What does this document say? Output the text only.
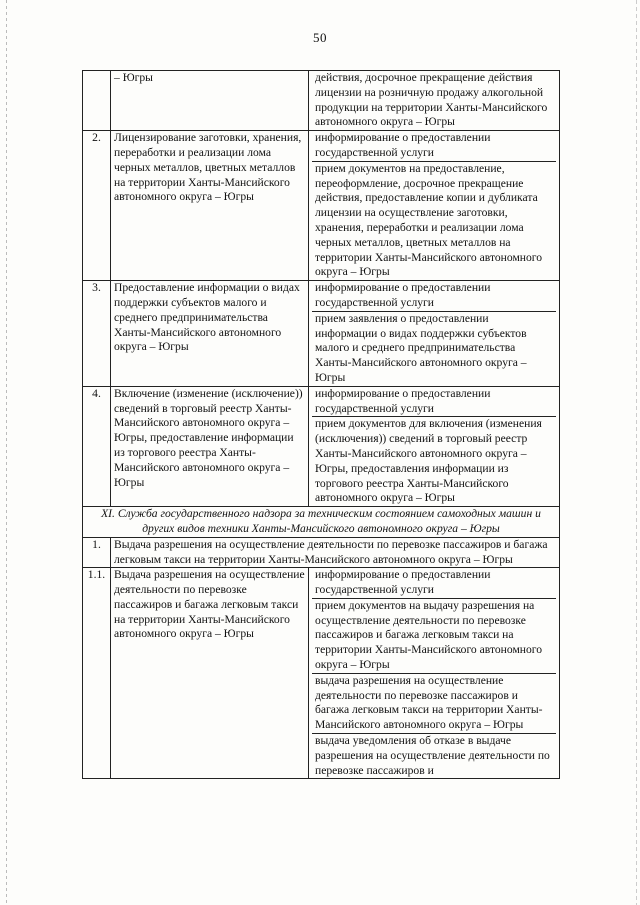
50
	– Югры	действия, досрочное прекращение действия лицензии на розничную продажу алкогольной продукции на территории Ханты-Мансийского автономного округа – Югры

2.	Лицензирование заготовки, хранения, переработки и реализации лома черных металлов, цветных металлов на территории Ханты-Мансийского автономного округа – Югры	информирование о предоставлении государственной услуги
прием документов на предоставление, переоформление, досрочное прекращение действия, предоставление копии и дубликата лицензии на осуществление заготовки, хранения, переработки и реализации лома черных металлов, цветных металлов на территории Ханты-Мансийского автономного округа – Югры

3.	Предоставление информации о видах поддержки субъектов малого и среднего предпринимательства Ханты-Мансийского автономного округа – Югры	информирование о предоставлении государственной услуги
прием заявления о предоставлении информации о видах поддержки субъектов малого и среднего предпринимательства Ханты-Мансийского автономного округа – Югры

4.	Включение (изменение (исключение)) сведений в торговый реестр Ханты-Мансийского автономного округа – Югры, предоставление информации из торгового реестра Ханты-Мансийского автономного округа – Югры	информирование о предоставлении государственной услуги
прием документов для включения (изменения (исключения)) сведений в торговый реестр Ханты-Мансийского автономного округа – Югры, предоставления информации из торгового реестра Ханты-Мансийского автономного округа – Югры

XI. Служба государственного надзора за техническим состоянием самоходных машин и других видов техники Ханты-Мансийского автономного округа – Югры		
1.	Выдача разрешения на осуществление деятельности по перевозке пассажиров и багажа легковым такси на территории Ханты-Мансийского автономного округа – Югры	
1.1.	Выдача разрешения на осуществление деятельности по перевозке пассажиров и багажа легковым такси на территории Ханты-Мансийского автономного округа – Югры	информирование о предоставлении государственной услуги
прием документов на выдачу разрешения на осуществление деятельности по перевозке пассажиров и багажа легковым такси на территории Ханты-Мансийского автономного округа – Югры
выдача разрешения на осуществление деятельности по перевозке пассажиров и багажа легковым такси на территории Ханты-Мансийского автономного округа – Югры
выдача уведомления об отказе в выдаче разрешения на осуществление деятельности по перевозке пассажиров и
